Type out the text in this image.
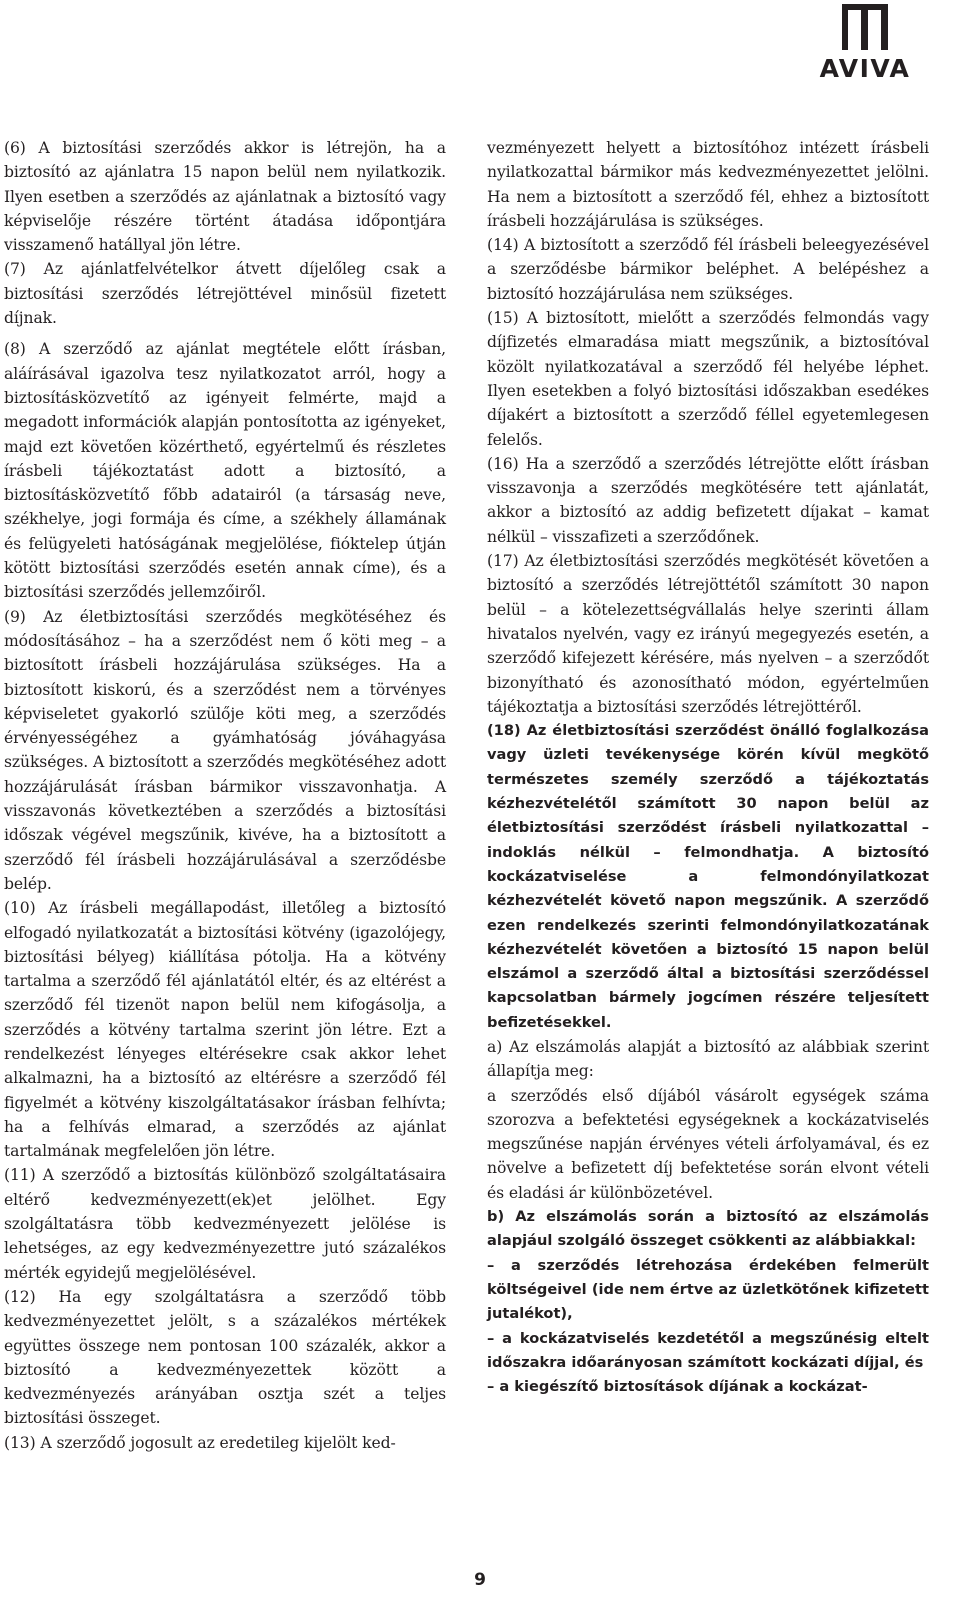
AVIVA

(6) A biztosítási szerződés akkor is létrejön, ha a biztosító az ajánlatra 15 napon belül nem nyilatkozik. Ilyen esetben a szerződés az ajánlatnak a biztosító vagy képviselője részére történt átadása időpontjára visszamenő hatállyal jön létre.

(7) Az ajánlatfelvételkor átvett díjelőleg csak a biztosítási szerződés létrejöttével minősül fizetett díjnak.

(8) A szerződő az ajánlat megtétele előtt írásban, aláírásával igazolva tesz nyilatkozatot arról, hogy a biztosításközvetítő az igényeit felmérte, majd a megadott információk alapján pontosította az igényeket, majd ezt követően közérthető, egyértelmű és részletes írásbeli tájékoztatást adott a biztosító, a biztosításközvetítő főbb adatairól (a társaság neve, székhelye, jogi formája és címe, a székhely államának és felügyeleti hatóságának megjelölése, fióktelep útján kötött biztosítási szerződés esetén annak címe), és a biztosítási szerződés jellemzőiről.

(9) Az életbiztosítási szerződés megkötéséhez és módosításához – ha a szerződést nem ő köti meg – a biztosított írásbeli hozzájárulása szükséges. Ha a biztosított kiskorú, és a szerződést nem a törvényes képviseletet gyakorló szülője köti meg, a szerződés érvényességéhez a gyámhatóság jóváhagyása szükséges. A biztosított a szerződés megkötéséhez adott hozzájárulását írásban bármikor visszavonhatja. A visszavonás következtében a szerződés a biztosítási időszak végével megszűnik, kivéve, ha a biztosított a szerződő fél írásbeli hozzájárulásával a szerződésbe belép.

(10) Az írásbeli megállapodást, illetőleg a biztosító elfogadó nyilatkozatát a biztosítási kötvény (igazolójegy, biztosítási bélyeg) kiállítása pótolja. Ha a kötvény tartalma a szerződő fél ajánlatától eltér, és az eltérést a szerződő fél tizenöt napon belül nem kifogásolja, a szerződés a kötvény tartalma szerint jön létre. Ezt a rendelkezést lényeges eltérésekre csak akkor lehet alkalmazni, ha a biztosító az eltérésre a szerződő fél figyelmét a kötvény kiszolgáltatásakor írásban felhívta; ha a felhívás elmarad, a szerződés az ajánlat tartalmának megfelelően jön létre.

(11) A szerződő a biztosítás különböző szolgáltatásaira eltérő kedvezményezett(ek)et jelölhet. Egy szolgáltatásra több kedvezményezett jelölése is lehetséges, az egy kedvezményezettre jutó százalékos mérték egyidejű megjelölésével.

(12) Ha egy szolgáltatásra a szerződő több kedvezményezettet jelölt, s a százalékos mértékek együttes összege nem pontosan 100 százalék, akkor a biztosító a kedvezményezettek között a kedvezményezés arányában osztja szét a teljes biztosítási összeget.

(13) A szerződő jogosult az eredetileg kijelölt ked-

vezményezett helyett a biztosítóhoz intézett írásbeli nyilatkozattal bármikor más kedvezményezettet jelölni. Ha nem a biztosított a szerződő fél, ehhez a biztosított írásbeli hozzájárulása is szükséges.

(14) A biztosított a szerződő fél írásbeli beleegyezésével a szerződésbe bármikor beléphet. A belépéshez a biztosító hozzájárulása nem szükséges.

(15) A biztosított, mielőtt a szerződés felmondás vagy díjfizetés elmaradása miatt megszűnik, a biztosítóval közölt nyilatkozatával a szerződő fél helyébe léphet. Ilyen esetekben a folyó biztosítási időszakban esedékes díjakért a biztosított a szerződő féllel egyetemlegesen felelős.

(16) Ha a szerződő a szerződés létrejötte előtt írásban visszavonja a szerződés megkötésére tett ajánlatát, akkor a biztosító az addig befizetett díjakat – kamat nélkül – visszafizeti a szerződőnek.

(17) Az életbiztosítási szerződés megkötését követően a biztosító a szerződés létrejöttétől számított 30 napon belül – a kötelezettségvállalás helye szerinti állam hivatalos nyelvén, vagy ez irányú megegyezés esetén, a szerződő kifejezett kérésére, más nyelven – a szerződőt bizonyítható és azonosítható módon, egyértelműen tájékoztatja a biztosítási szerződés létrejöttéről.

(18) Az életbiztosítási szerződést önálló foglalkozása vagy üzleti tevékenysége körén kívül megkötő természetes személy szerződő a tájékoztatás kézhezvételétől számított 30 napon belül az életbiztosítási szerződést írásbeli nyilatkozattal – indoklás nélkül – felmondhatja. A biztosító kockázatviselése a felmondónyilatkozat kézhezvételét követő napon megszűnik. A szerződő ezen rendelkezés szerinti felmondónyilatkozatának kézhezvételét követően a biztosító 15 napon belül elszámol a szerződő által a biztosítási szerződéssel kapcsolatban bármely jogcímen részére teljesített befizetésekkel.

a) Az elszámolás alapját a biztosító az alábbiak szerint állapítja meg:

a szerződés első díjából vásárolt egységek száma szorozva a befektetési egységeknek a kockázatviselés megszűnése napján érvényes vételi árfolyamával, és ez növelve a befizetett díj befektetése során elvont vételi és eladási ár különbözetével.

b) Az elszámolás során a biztosító az elszámolás alapjául szolgáló összeget csökkenti az alábbiakkal:

– a szerződés létrehozása érdekében felmerült költségeivel (ide nem értve az üzletkötőnek kifizetett jutalékot),

– a kockázatviselés kezdetétől a megszűnésig eltelt időszakra időarányosan számított kockázati díjjal, és

– a kiegészítő biztosítások díjának a kockázat-

9
